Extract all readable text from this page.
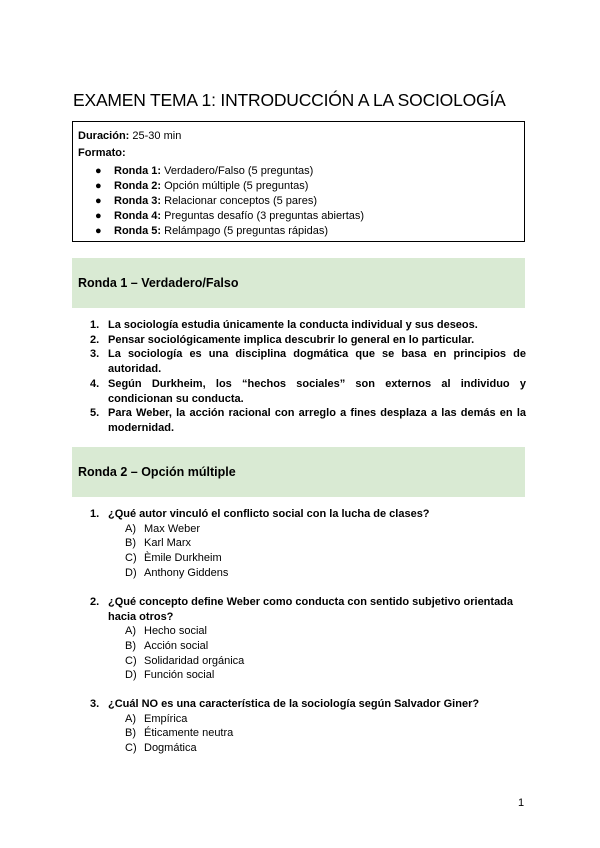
EXAMEN TEMA 1: INTRODUCCIÓN A LA SOCIOLOGÍA
Duración: 25-30 min
Formato:
● Ronda 1: Verdadero/Falso (5 preguntas)
● Ronda 2: Opción múltiple (5 preguntas)
● Ronda 3: Relacionar conceptos (5 pares)
● Ronda 4: Preguntas desafío (3 preguntas abiertas)
● Ronda 5: Relámpago (5 preguntas rápidas)
Ronda 1 – Verdadero/Falso
1. La sociología estudia únicamente la conducta individual y sus deseos.
2. Pensar sociológicamente implica descubrir lo general en lo particular.
3. La sociología es una disciplina dogmática que se basa en principios de autoridad.
4. Según Durkheim, los “hechos sociales” son externos al individuo y condicionan su conducta.
5. Para Weber, la acción racional con arreglo a fines desplaza a las demás en la modernidad.
Ronda 2 – Opción múltiple
1. ¿Qué autor vinculó el conflicto social con la lucha de clases?
A) Max Weber
B) Karl Marx
C) Èmile Durkheim
D) Anthony Giddens
2. ¿Qué concepto define Weber como conducta con sentido subjetivo orientada hacia otros?
A) Hecho social
B) Acción social
C) Solidaridad orgánica
D) Función social
3. ¿Cuál NO es una característica de la sociología según Salvador Giner?
A) Empírica
B) Éticamente neutra
C) Dogmática
1
